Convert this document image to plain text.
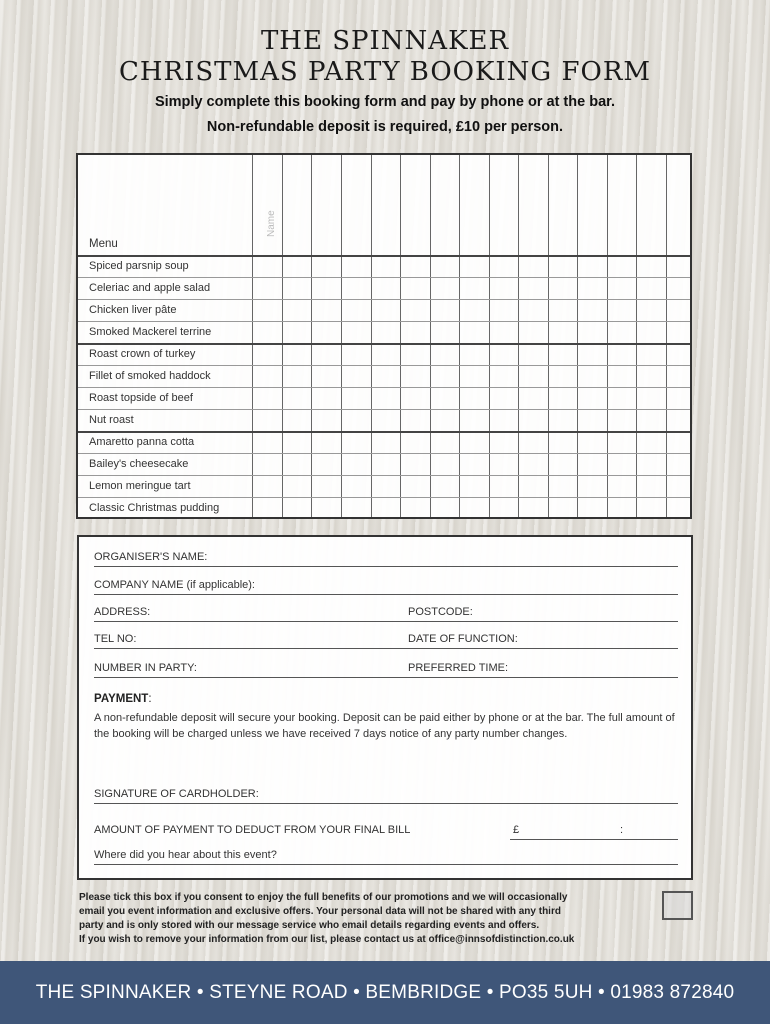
THE SPINNAKER
CHRISTMAS PARTY BOOKING FORM
Simply complete this booking form and pay by phone or at the bar.
Non-refundable deposit is required, £10 per person.
Menu
Name
Spiced parsnip soup
Celeriac and apple salad
Chicken liver pâte
Smoked Mackerel terrine
Roast crown of turkey
Fillet of smoked haddock
Roast topside of beef
Nut roast
Amaretto panna cotta
Bailey's cheesecake
Lemon meringue tart
Classic Christmas pudding
ORGANISER'S NAME:
COMPANY NAME (if applicable):
ADDRESS:	POSTCODE:
TEL NO:	DATE OF FUNCTION:
NUMBER IN PARTY:	PREFERRED TIME:
PAYMENT:
A non-refundable deposit will secure your booking. Deposit can be paid either by phone or at the bar. The full amount of the booking will be charged unless we have received 7 days notice of any party number changes.
SIGNATURE OF CARDHOLDER:
AMOUNT OF PAYMENT TO DEDUCT FROM YOUR FINAL BILL	£	:
Where did you hear about this event?
Please tick this box if you consent to enjoy the full benefits of our promotions and we will occasionally
email you event information and exclusive offers. Your personal data will not be shared with any third
party and is only stored with our message service who email details regarding events and offers.
If you wish to remove your information from our list, please contact us at office@innsofdistinction.co.uk
THE SPINNAKER • STEYNE ROAD • BEMBRIDGE • PO35 5UH • 01983 872840
